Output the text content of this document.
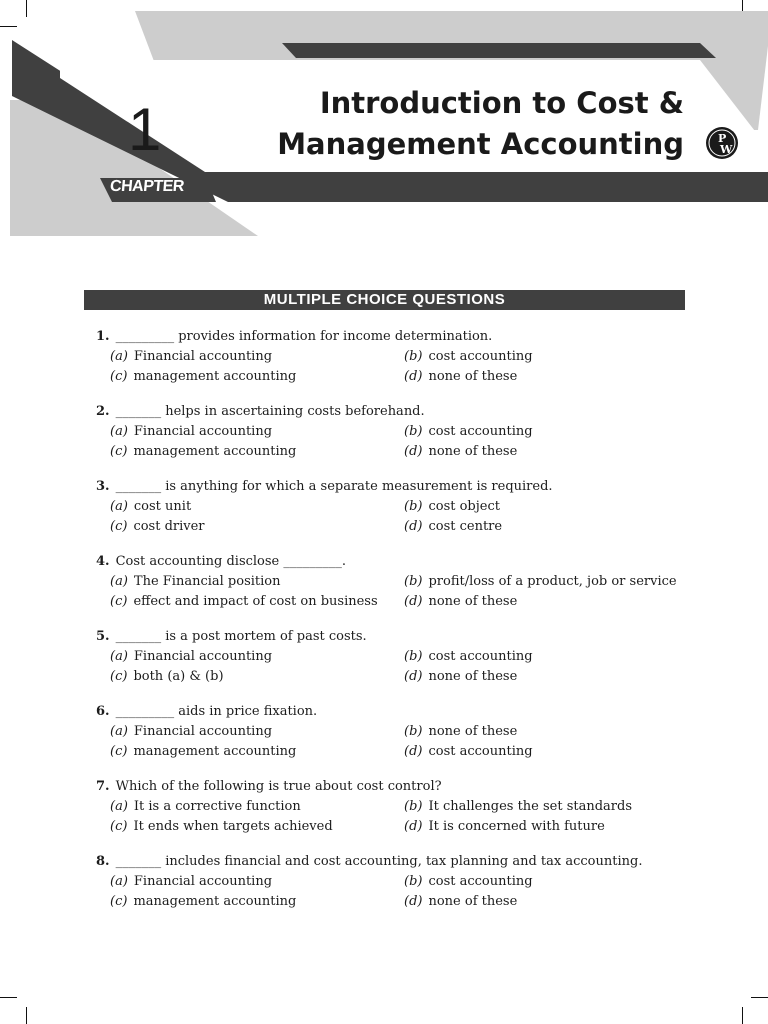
1
CHAPTER
Introduction to Cost &
Management Accounting	P
W
MULTIPLE CHOICE QUESTIONS
1. _________ provides information for income determination.
(a) Financial accounting	(b) cost accounting
(c) management accounting	(d) none of these
2. _______ helps in ascertaining costs beforehand.
(a) Financial accounting	(b) cost accounting
(c) management accounting	(d) none of these
3. _______ is anything for which a separate measurement is required.
(a) cost unit	(b) cost object
(c) cost driver	(d) cost centre
4. Cost accounting disclose _________.
(a) The Financial position	(b) profit/loss of a product, job or service
(c) effect and impact of cost on business (d) none of these
5. _______ is a post mortem of past costs.
(a) Financial accounting	(b) cost accounting
(c) both (a) & (b)	(d) none of these
6. _________ aids in price fixation.
(a) Financial accounting	(b) none of these
(c) management accounting	(d) cost accounting
7. Which of the following is true about cost control?
(a) It is a corrective function	(b) It challenges the set standards
(c) It ends when targets achieved	(d) It is concerned with future
8. _______ includes financial and cost accounting, tax planning and tax accounting.
(a) Financial accounting	(b) cost accounting
(c) management accounting	(d) none of these
